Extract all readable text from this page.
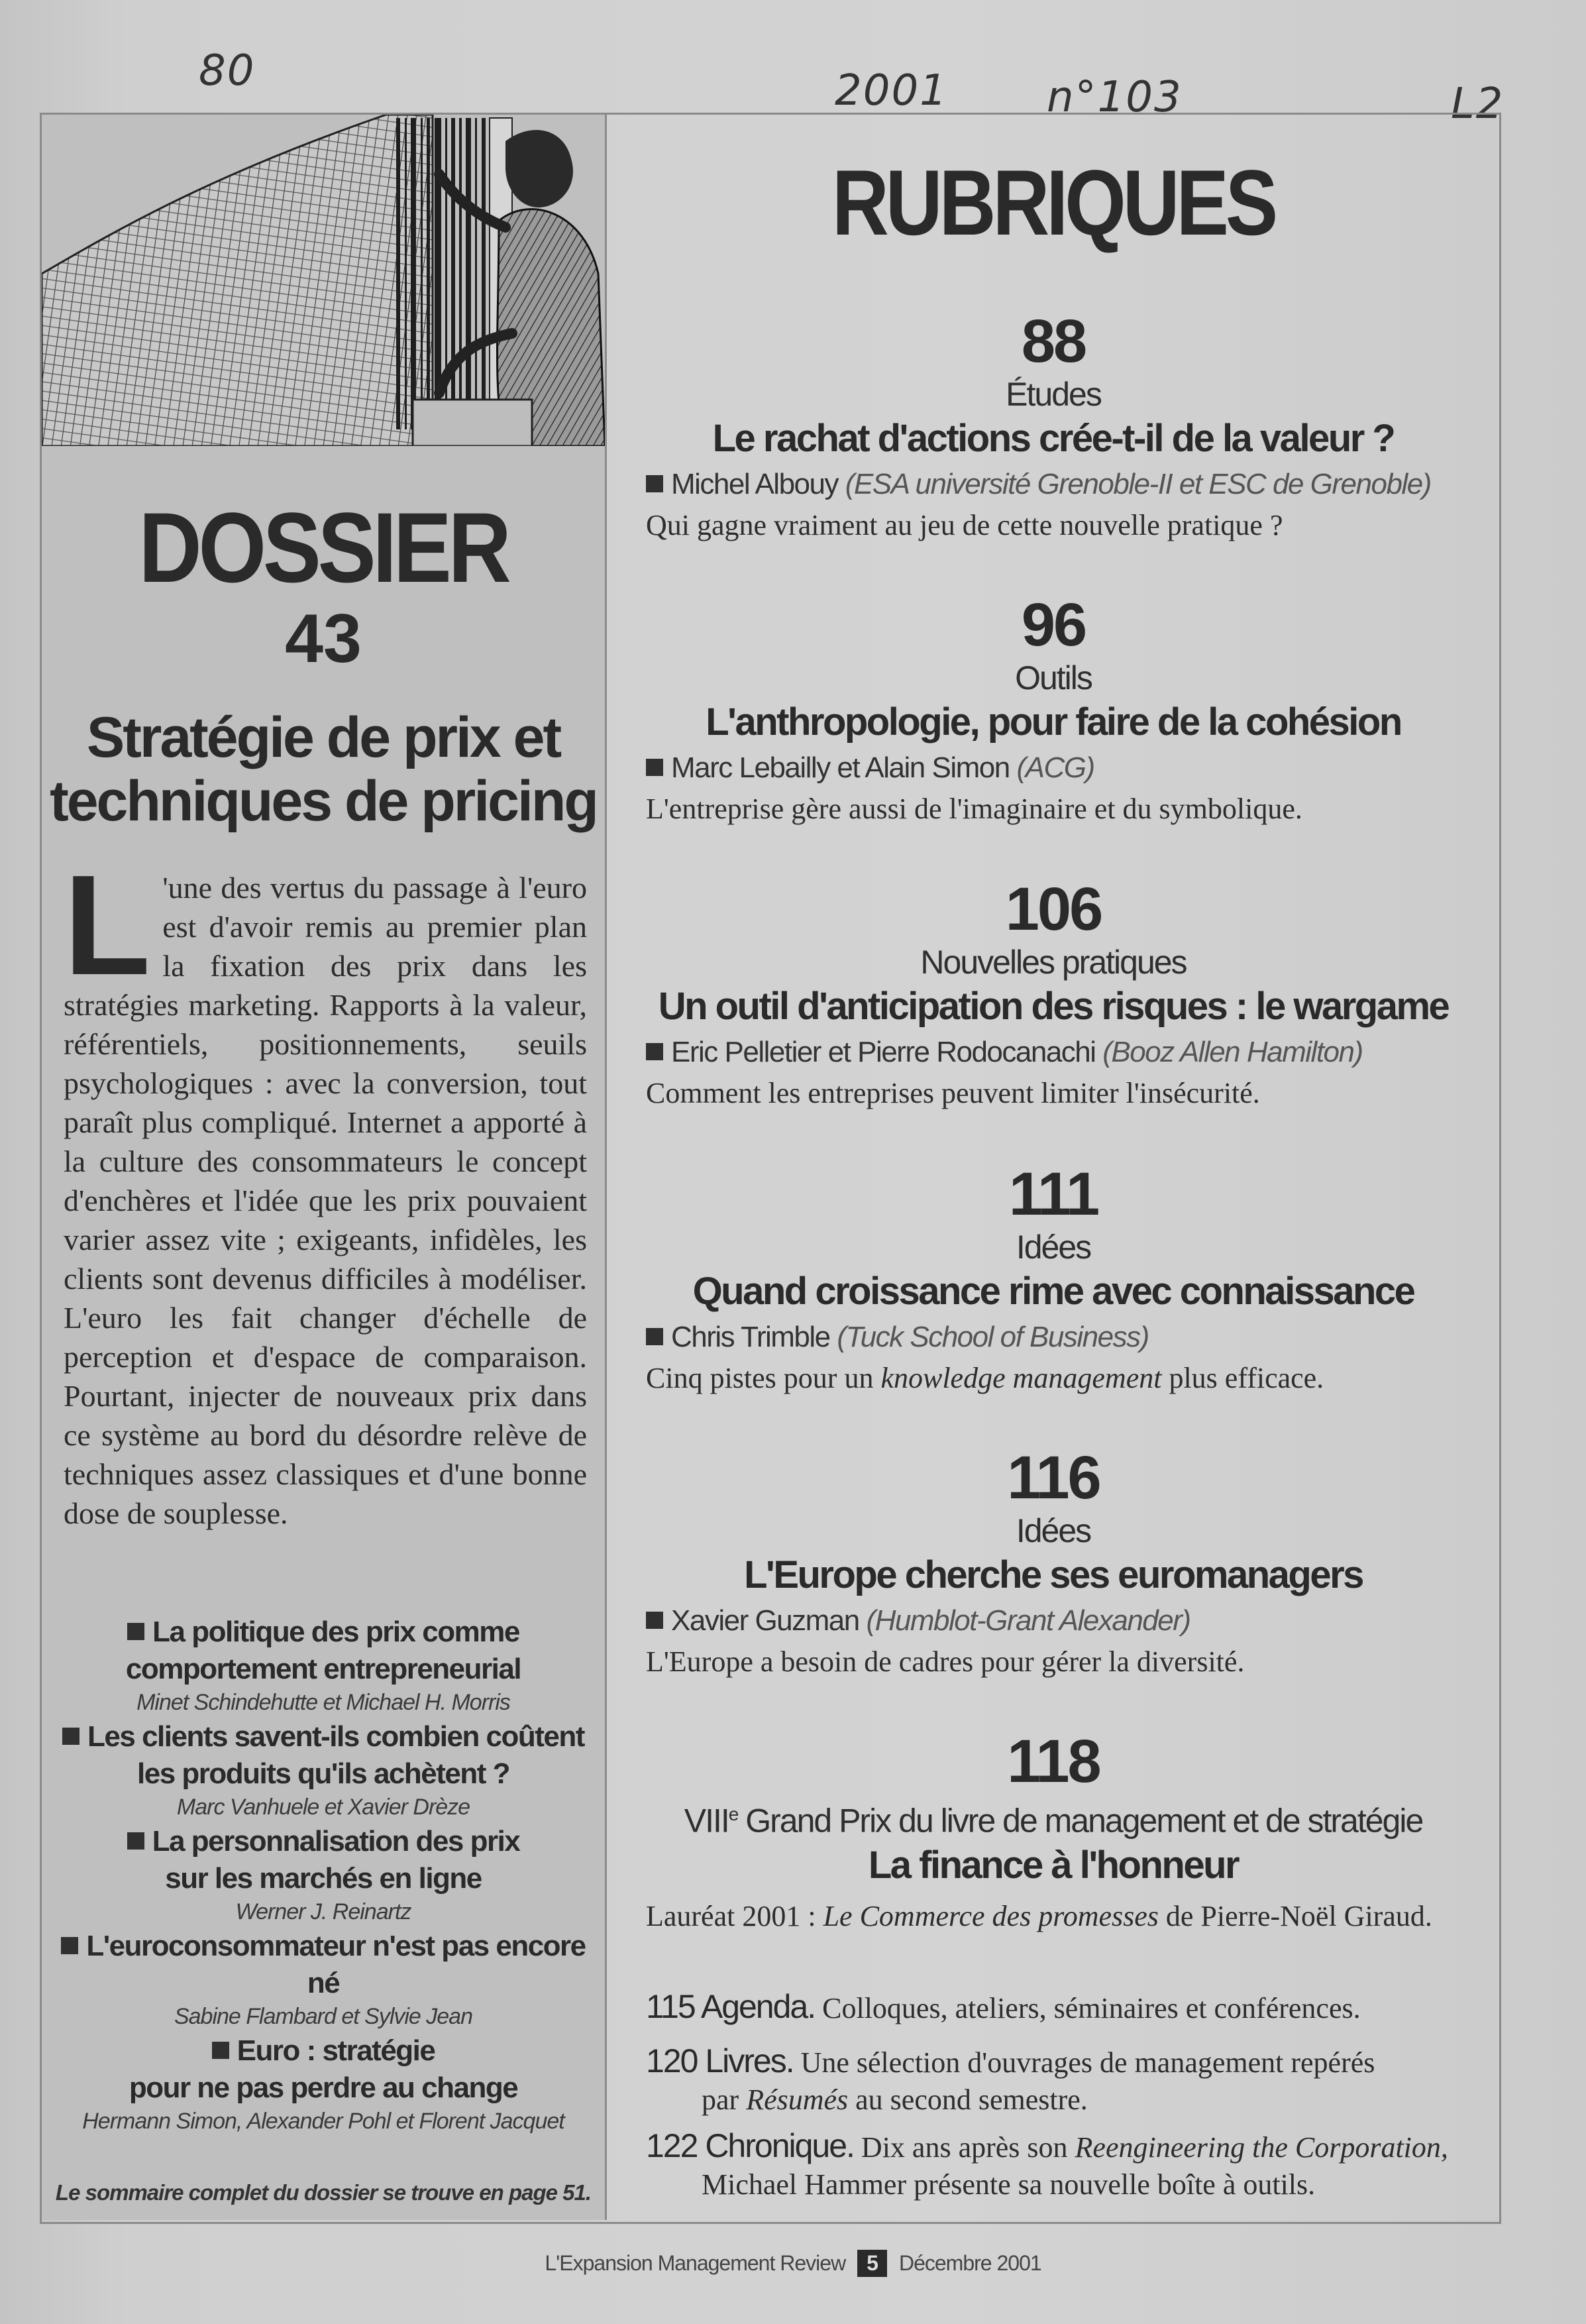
80	2001 n°103	L2
DOSSIER
43
Stratégie de prix et
techniques de pricing
L 'une des vertus du passage à l'euro est d'avoir remis au premier plan la fixation des prix dans les stratégies marketing. Rapports à la valeur, référentiels, positionnements, seuils psychologiques : avec la conversion, tout paraît plus compliqué. Internet a apporté à la culture des consommateurs le concept d'enchères et l'idée que les prix pouvaient varier assez vite ; exigeants, infidèles, les clients sont devenus difficiles à modéliser. L'euro les fait changer d'échelle de perception et d'espace de comparaison. Pourtant, injecter de nouveaux prix dans ce système au bord du désordre relève de techniques assez classiques et d'une bonne dose de souplesse.
La politique des prix comme
comportement entrepreneurial
Minet Schindehutte et Michael H. Morris
Les clients savent-ils combien coûtent
les produits qu'ils achètent ?
Marc Vanhuele et Xavier Drèze
La personnalisation des prix
sur les marchés en ligne
Werner J. Reinartz
L'euroconsommateur n'est pas encore né
Sabine Flambard et Sylvie Jean
Euro : stratégie
pour ne pas perdre au change
Hermann Simon, Alexander Pohl et Florent Jacquet
Le sommaire complet du dossier se trouve en page 51.
RUBRIQUES
88
Études
Le rachat d'actions crée-t-il de la valeur ?
Michel Albouy (ESA université Grenoble-II et ESC de Grenoble)
Qui gagne vraiment au jeu de cette nouvelle pratique ?
96
Outils
L'anthropologie, pour faire de la cohésion
Marc Lebailly et Alain Simon (ACG)
L'entreprise gère aussi de l'imaginaire et du symbolique.
106
Nouvelles pratiques
Un outil d'anticipation des risques : le wargame
Eric Pelletier et Pierre Rodocanachi (Booz Allen Hamilton)
Comment les entreprises peuvent limiter l'insécurité.
111
Idées
Quand croissance rime avec connaissance
Chris Trimble (Tuck School of Business)
Cinq pistes pour un knowledge management plus efficace.
116
Idées
L'Europe cherche ses euromanagers
Xavier Guzman (Humblot-Grant Alexander)
L'Europe a besoin de cadres pour gérer la diversité.
118
VIIIe Grand Prix du livre de management et de stratégie
La finance à l'honneur
Lauréat 2001 : Le Commerce des promesses de Pierre-Noël Giraud.
115 Agenda. Colloques, ateliers, séminaires et conférences.
120 Livres. Une sélection d'ouvrages de management repérés
par Résumés au second semestre.
122 Chronique. Dix ans après son Reengineering the Corporation,
Michael Hammer présente sa nouvelle boîte à outils.
L'Expansion Management Review 5 Décembre 2001
